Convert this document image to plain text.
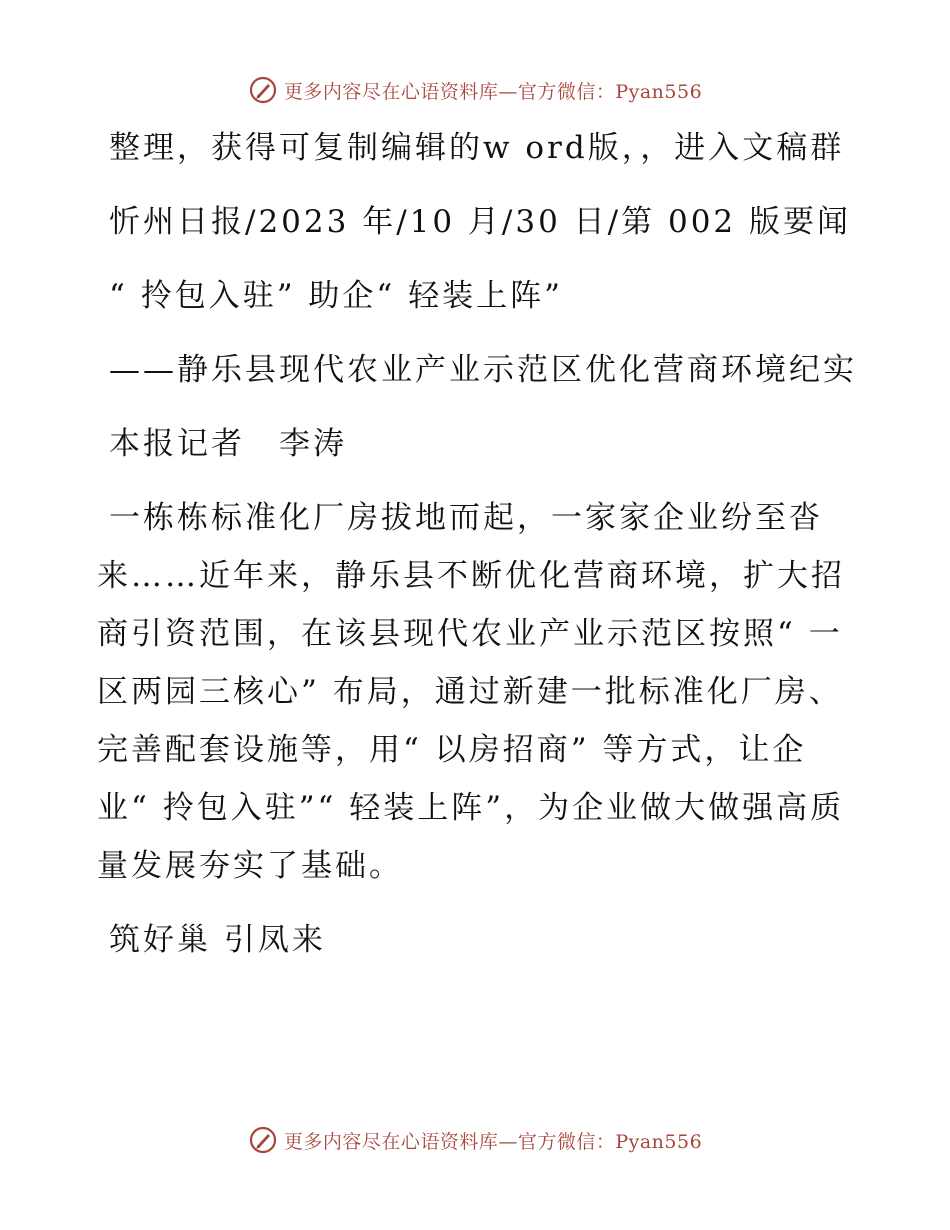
更多内容尽在心语资料库—官方微信：Pyan556

整理，获得可复制编辑的w ord版，，进入文稿群

忻州日报/2023 年/10 月/30 日/第 002 版要闻

“ 拎包入驻” 助企“ 轻装上阵”

——静乐县现代农业产业示范区优化营商环境纪实

本报记者　李涛

一栋栋标准化厂房拔地而起，一家家企业纷至沓来……近年来，静乐县不断优化营商环境，扩大招商引资范围，在该县现代农业产业示范区按照“ 一区两园三核心” 布局，通过新建一批标准化厂房、完善配套设施等，用“ 以房招商” 等方式，让企业“ 拎包入驻”“ 轻装上阵”，为企业做大做强高质量发展夯实了基础。

筑好巢 引凤来

更多内容尽在心语资料库—官方微信：Pyan556
